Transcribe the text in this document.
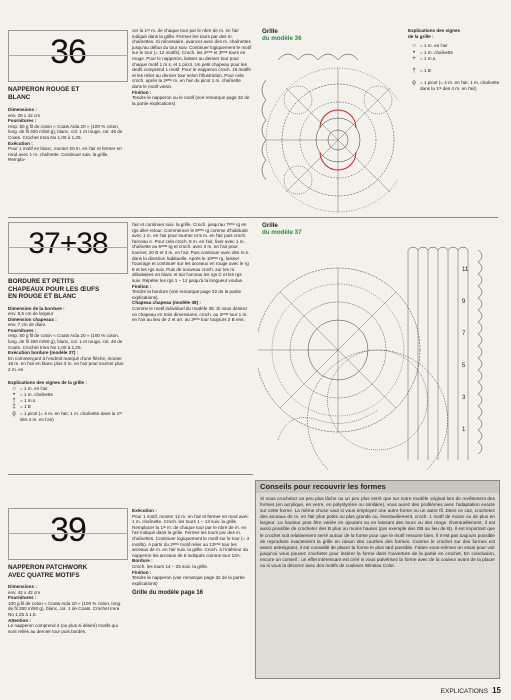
36
NAPPERON ROUGE ET
BLANC
Dimensions :
env. 28 x 42 cm
Fournitures :
resp. 50 g fil de coton « Coats Aida 20 » (100 % coton, long. de fil 400 m/50 g), blanc, col. 1 et rouge, col. 46 de Coats. Crochet Imra No 1,00 à 1,25.
Exécution :
Pour 1 motif en blanc, monter 20 m. en l'air et fermer en rond avec 1 m. chaînette. Continuer suiv. la grille. Rempla-
cer la 1ʳᵉ m. de chaque tour par le nbre de m. en l'air indiqué dans la grille. Fermer les tours par des m. chaînettes. Si nécessaire, avancer avec des m. chaînettes jusqu'au début du tour suiv. Continuer logiquement le motif sur le tour (= 12 motifs). Croch. les 2ᵉᵐᵉ et 3ᵉᵐᵉ tours en rouge. Pour le napperon, laisser au dernier tour pour chaque motif 1 m.s. et 1 picot. Un petit chapeau pour les œufs comprend 1 motif. Pour le napperon croch. 16 motifs et les relier au dernier tour selon l'illustration. Pour cela croch. après la 2ᵉᵐᵉ m. en l'air du picot 1 m. chaînette dans le motif voisin.
Finition :
Tendre le napperon ou le motif (voir remarque page 32 de la partie explications)
Grille
du modèle 36
Explications des signes
de la grille :
○ = 1 m. en l'air
• = 1 m. chaînette
+ = 1 m.s.
† = 1 B
ϙ = 1 picot (= 4 m. en l'air, 1 m. chaînette dans la 1ʳᵉ des 4 m. en l'air)
37+38
BORDURE ET PETITS
CHAPEAUX POUR LES ŒUFS
EN ROUGE ET BLANC
Dimension de la bordure :
env. 8,5 cm de largeur
Dimension chapeaux :
env. 7 cm de diam.
Fournitures :
resp. 50 g fil de coton « Coats Aida 20 » (100 % coton, long. de fil 400 m/50 g), blanc, col. 1 et rouge, col. 46 de Coats. Crochet Imra No 1,00 à 1,25.
Exécution bordure (modèle 37) :
En commençant à l'endroit marqué d'une flèche, monter 18 m. en l'air en blanc plus 3 m. en l'air pour tourner plus 2 m. en
Explications des signes de la grille :
○ = 1 m. en l'air
• = 1 m. chaînette
† = 1 m.s.
‡ = 1 B
ϙ = 1 picot (= 4 m. en l'air, 1 m. chaînette dans la 1ʳᵉ des 4 m. en l'air)
l'air et continuer suiv. la grille. Croch. jusqu'au 7ᵉᵐᵉ rg en rgs aller-retour. Commencer le 8ᵉᵐᵉ rg comme d'habitude avec 1 m. en l'air pour tourner et 5 m. en l'air puis croch. l'arceau A. Pour cela croch. 9 m. en l'air, fixer avec 1 m. chaînette au 6ᵉᵐᵉ rg et croch. avec 3 m. en l'air pour tourner, 20 B et 3 m. en l'air. Puis continuer avec des m.s. dans la direction habituelle. Après le 10ᵉᵐᵉ rg, laisser l'ouvrage et continuer sur les arceaux en rouge avec le rg 8 et les rgs suiv. Puis de nouveau croch. sur les m. délaissées en blanc et sur l'arceau les rgs C et les rgs suiv. Répéter les rgs 1 – 12 jusqu'à la longueur voulue.
Finition :
Tendre la bordure (voir remarque page 32 de la partie explications).
Chapeau chapeau (modèle 38) :
Comme le motif individuel du modèle 36. Si vous désirez un chapeau en trois dimensions, croch. au 2ᵉᵐᵉ tour 1 m. en l'air au lieu de 2 et arr. au 3ᵉᵐᵉ tour toujours 2 B ens.
Grille
du modèle 37
11
9
7
5
3
1
39
NAPPERON PATCHWORK
AVEC QUATRE MOTIFS
Dimensions :
env. 42 x 42 cm
Fournitures :
100 g fil de coton « Coats Aida 10 » (100 % coton, long. de fil 280 m/50 g), blanc, col. 1 de Coats. Crochet Imra No 1,25 à 1,5.
Attention :
Le napperon comprend 4 (ou plus si désiré) motifs qui sont reliés au dernier tour puis bordés.
Exécution :
Pour 1 motif, monter 12 m. en l'air et fermer en rond avec 1 m. chaînette. Croch. les tours 1 – 13 suiv. la grille. Remplacer la 1ʳᵉ m. de chaque tour par le nbre de m. en l'air indiqué dans la grille. Fermer les tours par des m. chaînettes. Continuer logiquement le motif sur le tour (= 4 motifs). A partir du 2ᵉᵐᵉ motif relier au 13ᵉᵐᵉ tour les arceaux de m. en l'air suiv. la grille. Croch. à l'intérieur du napperon les arceaux de 8 indiqués comme tour 13A.
Bordure :
Croch. les tours 14 – 25 suiv. la grille.
Finition :
Tendre le napperon (voir remarque page 32 de la partie explications)
Grille du modèle page 16
Conseils pour recouvrir les formes
Si vous crochetez un peu plus lâche ou un peu plus serré que sur notre modèle original lors de revêtement des formes (en acrylique, en verre, en polystyrène ou similaire), vous aurez des problèmes avec l'adaptation exacte sur cette forme. La même chose vaut si vous employez une autre forme ou un autre fil. Dans ce cas, crochetez des arceaux de m. en l'air plus petits ou plus grands ou, éventuellement, croch. 1 motif de moins ou de plus en largeur. La hauteur peut être variée en ajoutant ou en laissant des tours ou des rangs. Éventuellement, il est aussi possible de crocheter des B plus ou moins hautes (par exemple des DB au lieu de B). Il est important que le crochet soit relativement serré autour de la forme pour que le motif ressorte bien. Il n'est pas toujours possible de reproduire exactement la grille en raison des courbes des formes. Comme le crochet sur des formes est assez astreignant, il est conseillé de placer la forme le plus tard possible. Faites vous-mêmes un essai pour voir jusqu'où vous pouvez crocheter pour insérer la forme dans l'ouverture de la partie en crochet. En conclusion, encore un conseil : un effet intéressant est créé si vous pulvérisez la forme avec de la couleur avant de la placer ou si vous la décorez avec des motifs de couleurs Window Color.
EXPLICATIONS 15
